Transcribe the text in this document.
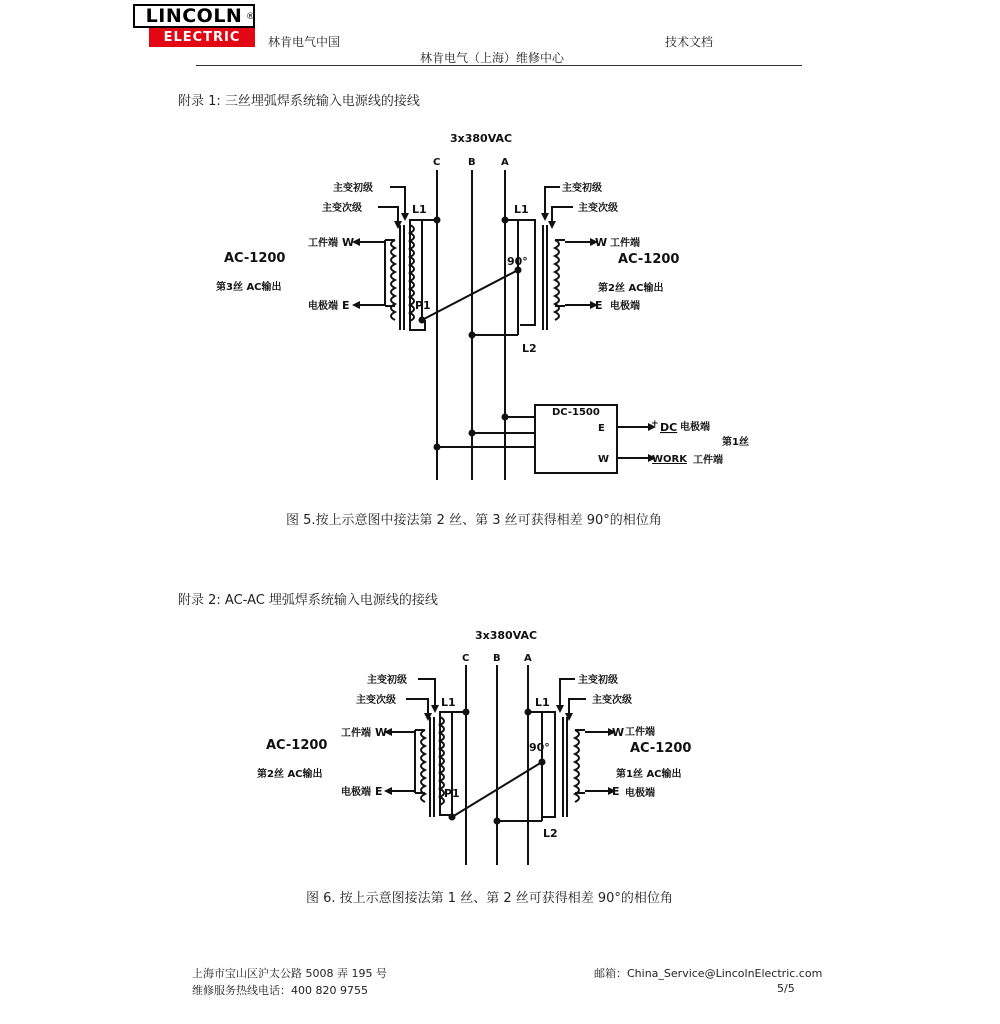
LINCOLN
ELECTRIC
®
林肯电气中国	技术文档
林肯电气（上海）维修中心
附录 1: 三丝埋弧焊系统输入电源线的接线
3x380VAC
C	B	A
主变初级
主变次级
主变初级
主变次级
L1	L1
工件端 W
电极端 E
AC-1200
第3丝 AC输出
P1
90°
L2
W 工件端
E 电极端
AC-1200
第2丝 AC输出
DC-1500
E
W
+ DC 电极端
第1丝
WORK 工件端
图 5.按上示意图中接法第 2 丝、第 3 丝可获得相差 90°的相位角
附录 2: AC-AC 埋弧焊系统输入电源线的接线
3x380VAC
C B A
主变初级
主变次级
主变初级
主变次级
L1	L1
工件端 W
电极端 E
AC-1200
第2丝 AC输出
P1
90°
L2
W 工件端
E 电极端
AC-1200
第1丝 AC输出
图 6. 按上示意图接法第 1 丝、第 2 丝可获得相差 90°的相位角
上海市宝山区沪太公路 5008 弄 195 号
维修服务热线电话：400 820 9755
邮箱：China_Service@LincolnElectric.com
5/5
